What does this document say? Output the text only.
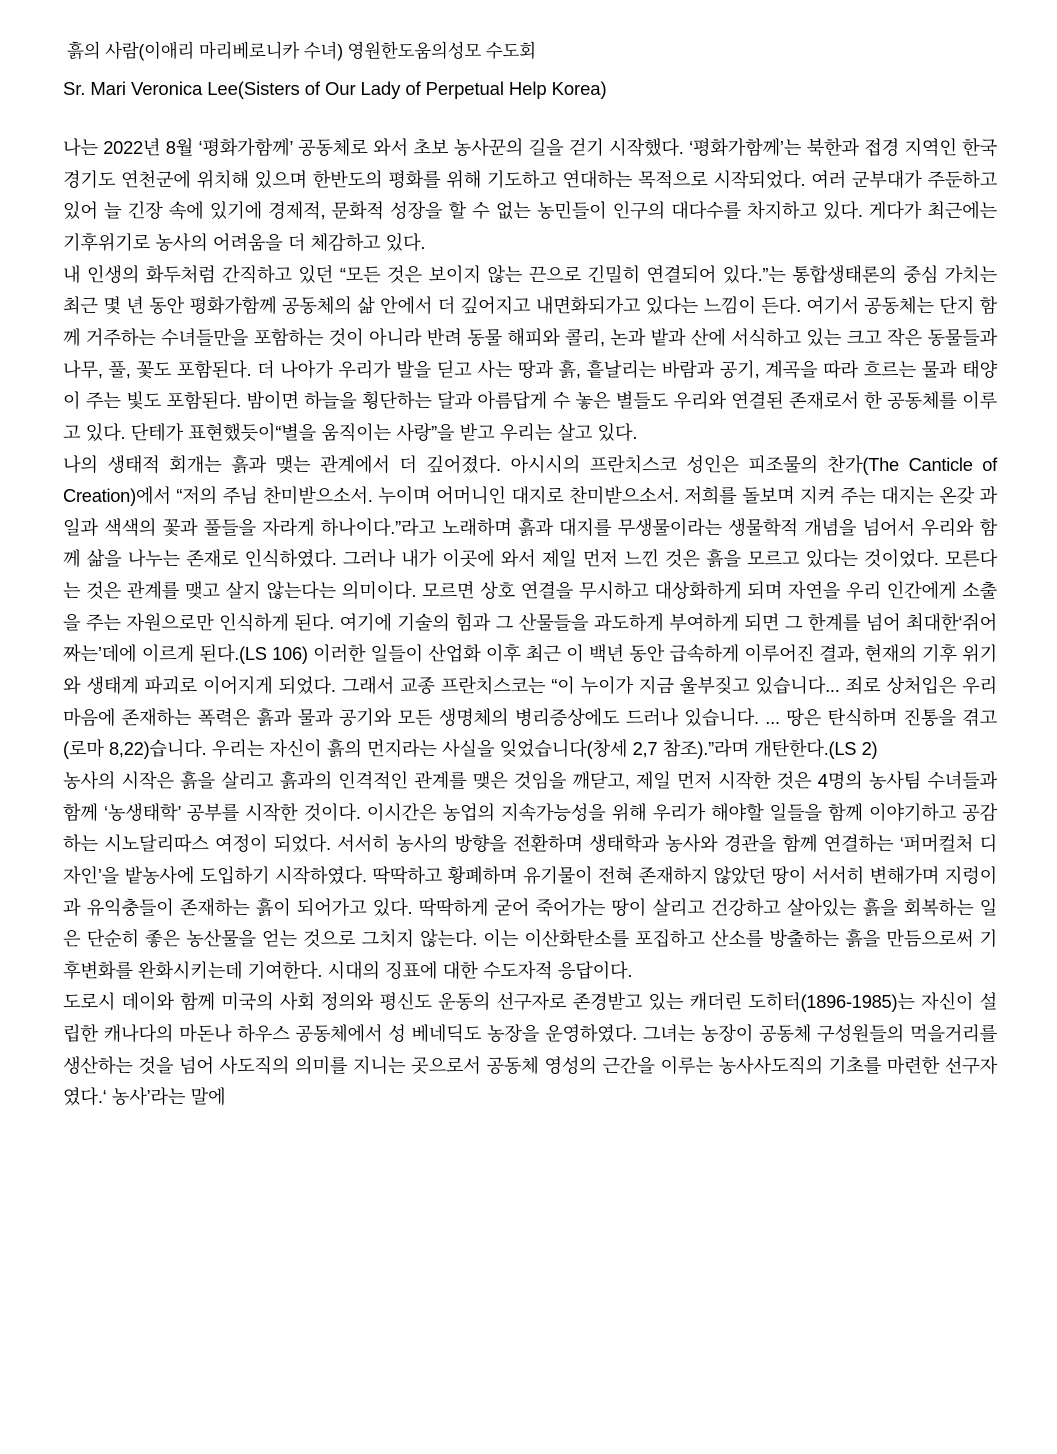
흙의 사람(이애리 마리베로니카 수녀) 영원한도움의성모 수도회
Sr. Mari Veronica Lee(Sisters of Our Lady of Perpetual Help Korea)

나는 2022년 8월 ‘평화가함께’ 공동체로 와서 초보 농사꾼의 길을 걷기 시작했다. ‘평화가함께’는 북한과 접경 지역인 한국 경기도 연천군에 위치해 있으며 한반도의 평화를 위해 기도하고 연대하는 목적으로 시작되었다. 여러 군부대가 주둔하고 있어 늘 긴장 속에 있기에 경제적, 문화적 성장을 할 수 없는 농민들이 인구의 대다수를 차지하고 있다. 게다가 최근에는 기후위기로 농사의 어려움을 더 체감하고 있다.

내 인생의 화두처럼 간직하고 있던 “모든 것은 보이지 않는 끈으로 긴밀히 연결되어 있다.”는 통합생태론의 중심 가치는 최근 몇 년 동안 평화가함께 공동체의 삶 안에서 더 깊어지고 내면화되가고 있다는 느낌이 든다. 여기서 공동체는 단지 함께 거주하는 수녀들만을 포함하는 것이 아니라 반려 동물 해피와 콜리, 논과 밭과 산에 서식하고 있는 크고 작은 동물들과 나무, 풀, 꽃도 포함된다. 더 나아가 우리가 발을 딛고 사는 땅과 흙, 흩날리는 바람과 공기, 계곡을 따라 흐르는 물과 태양이 주는 빛도 포함된다. 밤이면 하늘을 횡단하는 달과 아름답게 수 놓은 별들도 우리와 연결된 존재로서 한 공동체를 이루고 있다. 단테가 표현했듯이“별을 움직이는 사랑”을 받고 우리는 살고 있다.

나의 생태적 회개는 흙과 맺는 관계에서 더 깊어졌다. 아시시의 프란치스코 성인은 피조물의 찬가(The Canticle of Creation)에서 “저의 주님 찬미받으소서. 누이며 어머니인 대지로 찬미받으소서. 저희를 돌보며 지켜 주는 대지는 온갖 과일과 색색의 꽃과 풀들을 자라게 하나이다.”라고 노래하며 흙과 대지를 무생물이라는 생물학적 개념을 넘어서 우리와 함께 삶을 나누는 존재로 인식하였다. 그러나 내가 이곳에 와서 제일 먼저 느낀 것은 흙을 모르고 있다는 것이었다. 모른다는 것은 관계를 맺고 살지 않는다는 의미이다. 모르면 상호 연결을 무시하고 대상화하게 되며 자연을 우리 인간에게 소출을 주는 자원으로만 인식하게 된다. 여기에 기술의 힘과 그 산물들을 과도하게 부여하게 되면 그 한계를 넘어 최대한‘쥐어짜는’데에 이르게 된다.(LS 106) 이러한 일들이 산업화 이후 최근 이 백년 동안 급속하게 이루어진 결과, 현재의 기후 위기와 생태계 파괴로 이어지게 되었다. 그래서 교종 프란치스코는 “이 누이가 지금 울부짖고 있습니다... 죄로 상처입은 우리 마음에 존재하는 폭력은 흙과 물과 공기와 모든 생명체의 병리증상에도 드러나 있습니다. ... 땅은 탄식하며 진통을 겪고(로마 8,22)습니다. 우리는 자신이 흙의 먼지라는 사실을 잊었습니다(창세 2,7 참조).”라며 개탄한다.(LS 2)

농사의 시작은 흙을 살리고 흙과의 인격적인 관계를 맺은 것임을 깨닫고, 제일 먼저 시작한 것은 4명의 농사팀 수녀들과 함께 ‘농생태학’ 공부를 시작한 것이다. 이시간은 농업의 지속가능성을 위해 우리가 해야할 일들을 함께 이야기하고 공감하는 시노달리따스 여정이 되었다. 서서히 농사의 방향을 전환하며 생태학과 농사와 경관을 함께 연결하는 ‘퍼머컬처 디자인’을 밭농사에 도입하기 시작하였다. 딱딱하고 황폐하며 유기물이 전혀 존재하지 않았던 땅이 서서히 변해가며 지렁이과 유익충들이 존재하는 흙이 되어가고 있다. 딱딱하게 굳어 죽어가는 땅이 살리고 건강하고 살아있는 흙을 회복하는 일은 단순히 좋은 농산물을 얻는 것으로 그치지 않는다. 이는 이산화탄소를 포집하고 산소를 방출하는 흙을 만듬으로써 기후변화를 완화시키는데 기여한다. 시대의 징표에 대한 수도자적 응답이다.

도로시 데이와 함께 미국의 사회 정의와 평신도 운동의 선구자로 존경받고 있는 캐더린 도히터(1896-1985)는 자신이 설립한 캐나다의 마돈나 하우스 공동체에서 성 베네딕도 농장을 운영하였다. 그녀는 농장이 공동체 구성원들의 먹을거리를 생산하는 것을 넘어 사도직의 의미를 지니는 곳으로서 공동체 영성의 근간을 이루는 농사사도직의 기초를 마련한 선구자였다.‘ 농사’라는 말에
